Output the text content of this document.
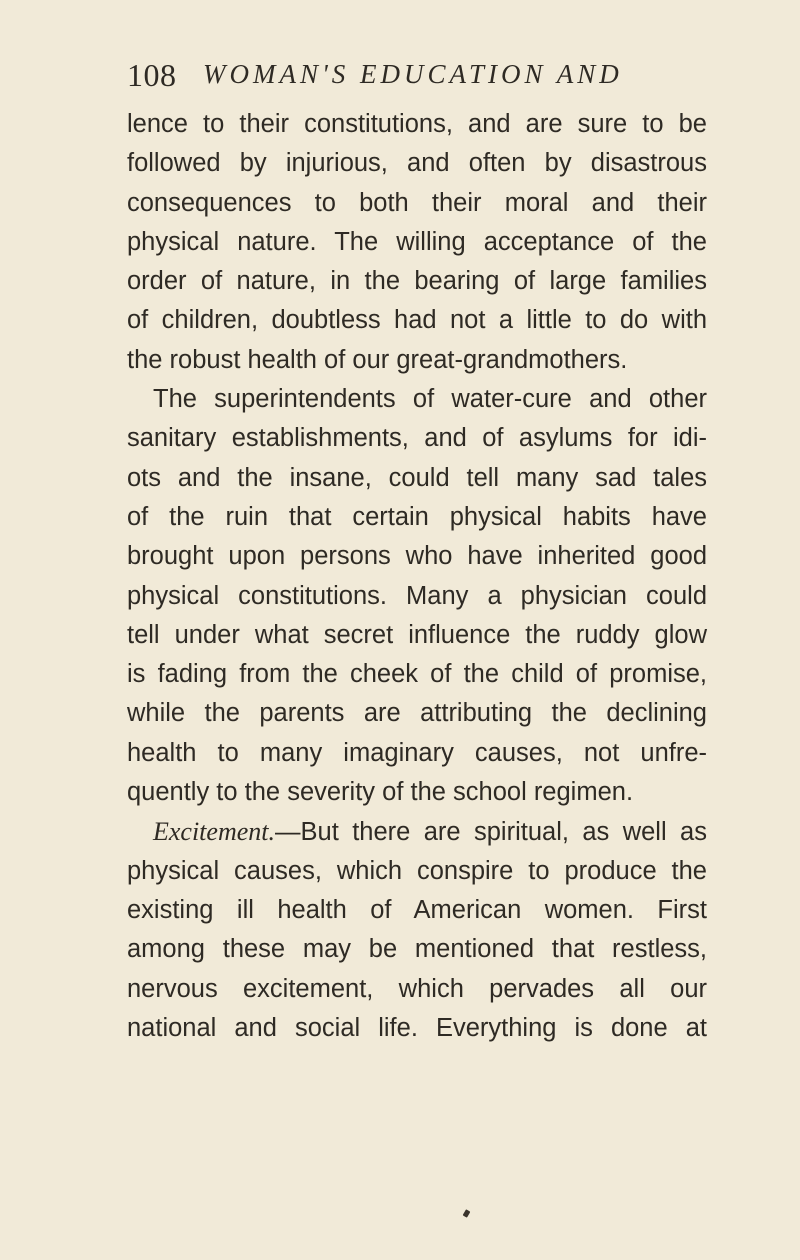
108 WOMAN'S EDUCATION AND
lence to their constitutions, and are sure to be
followed by injurious, and often by disastrous
consequences to both their moral and their
physical nature. The willing acceptance of the
order of nature, in the bearing of large families
of children, doubtless had not a little to do with
the robust health of our great-grandmothers.
The superintendents of water-cure and other
sanitary establishments, and of asylums for idi-
ots and the insane, could tell many sad tales
of the ruin that certain physical habits have
brought upon persons who have inherited good
physical constitutions. Many a physician could
tell under what secret influence the ruddy glow
is fading from the cheek of the child of promise,
while the parents are attributing the declining
health to many imaginary causes, not unfre-
quently to the severity of the school regimen.
Excitement.—But there are spiritual, as well as
physical causes, which conspire to produce the
existing ill health of American women. First
among these may be mentioned that restless,
nervous excitement, which pervades all our
national and social life. Everything is done at
